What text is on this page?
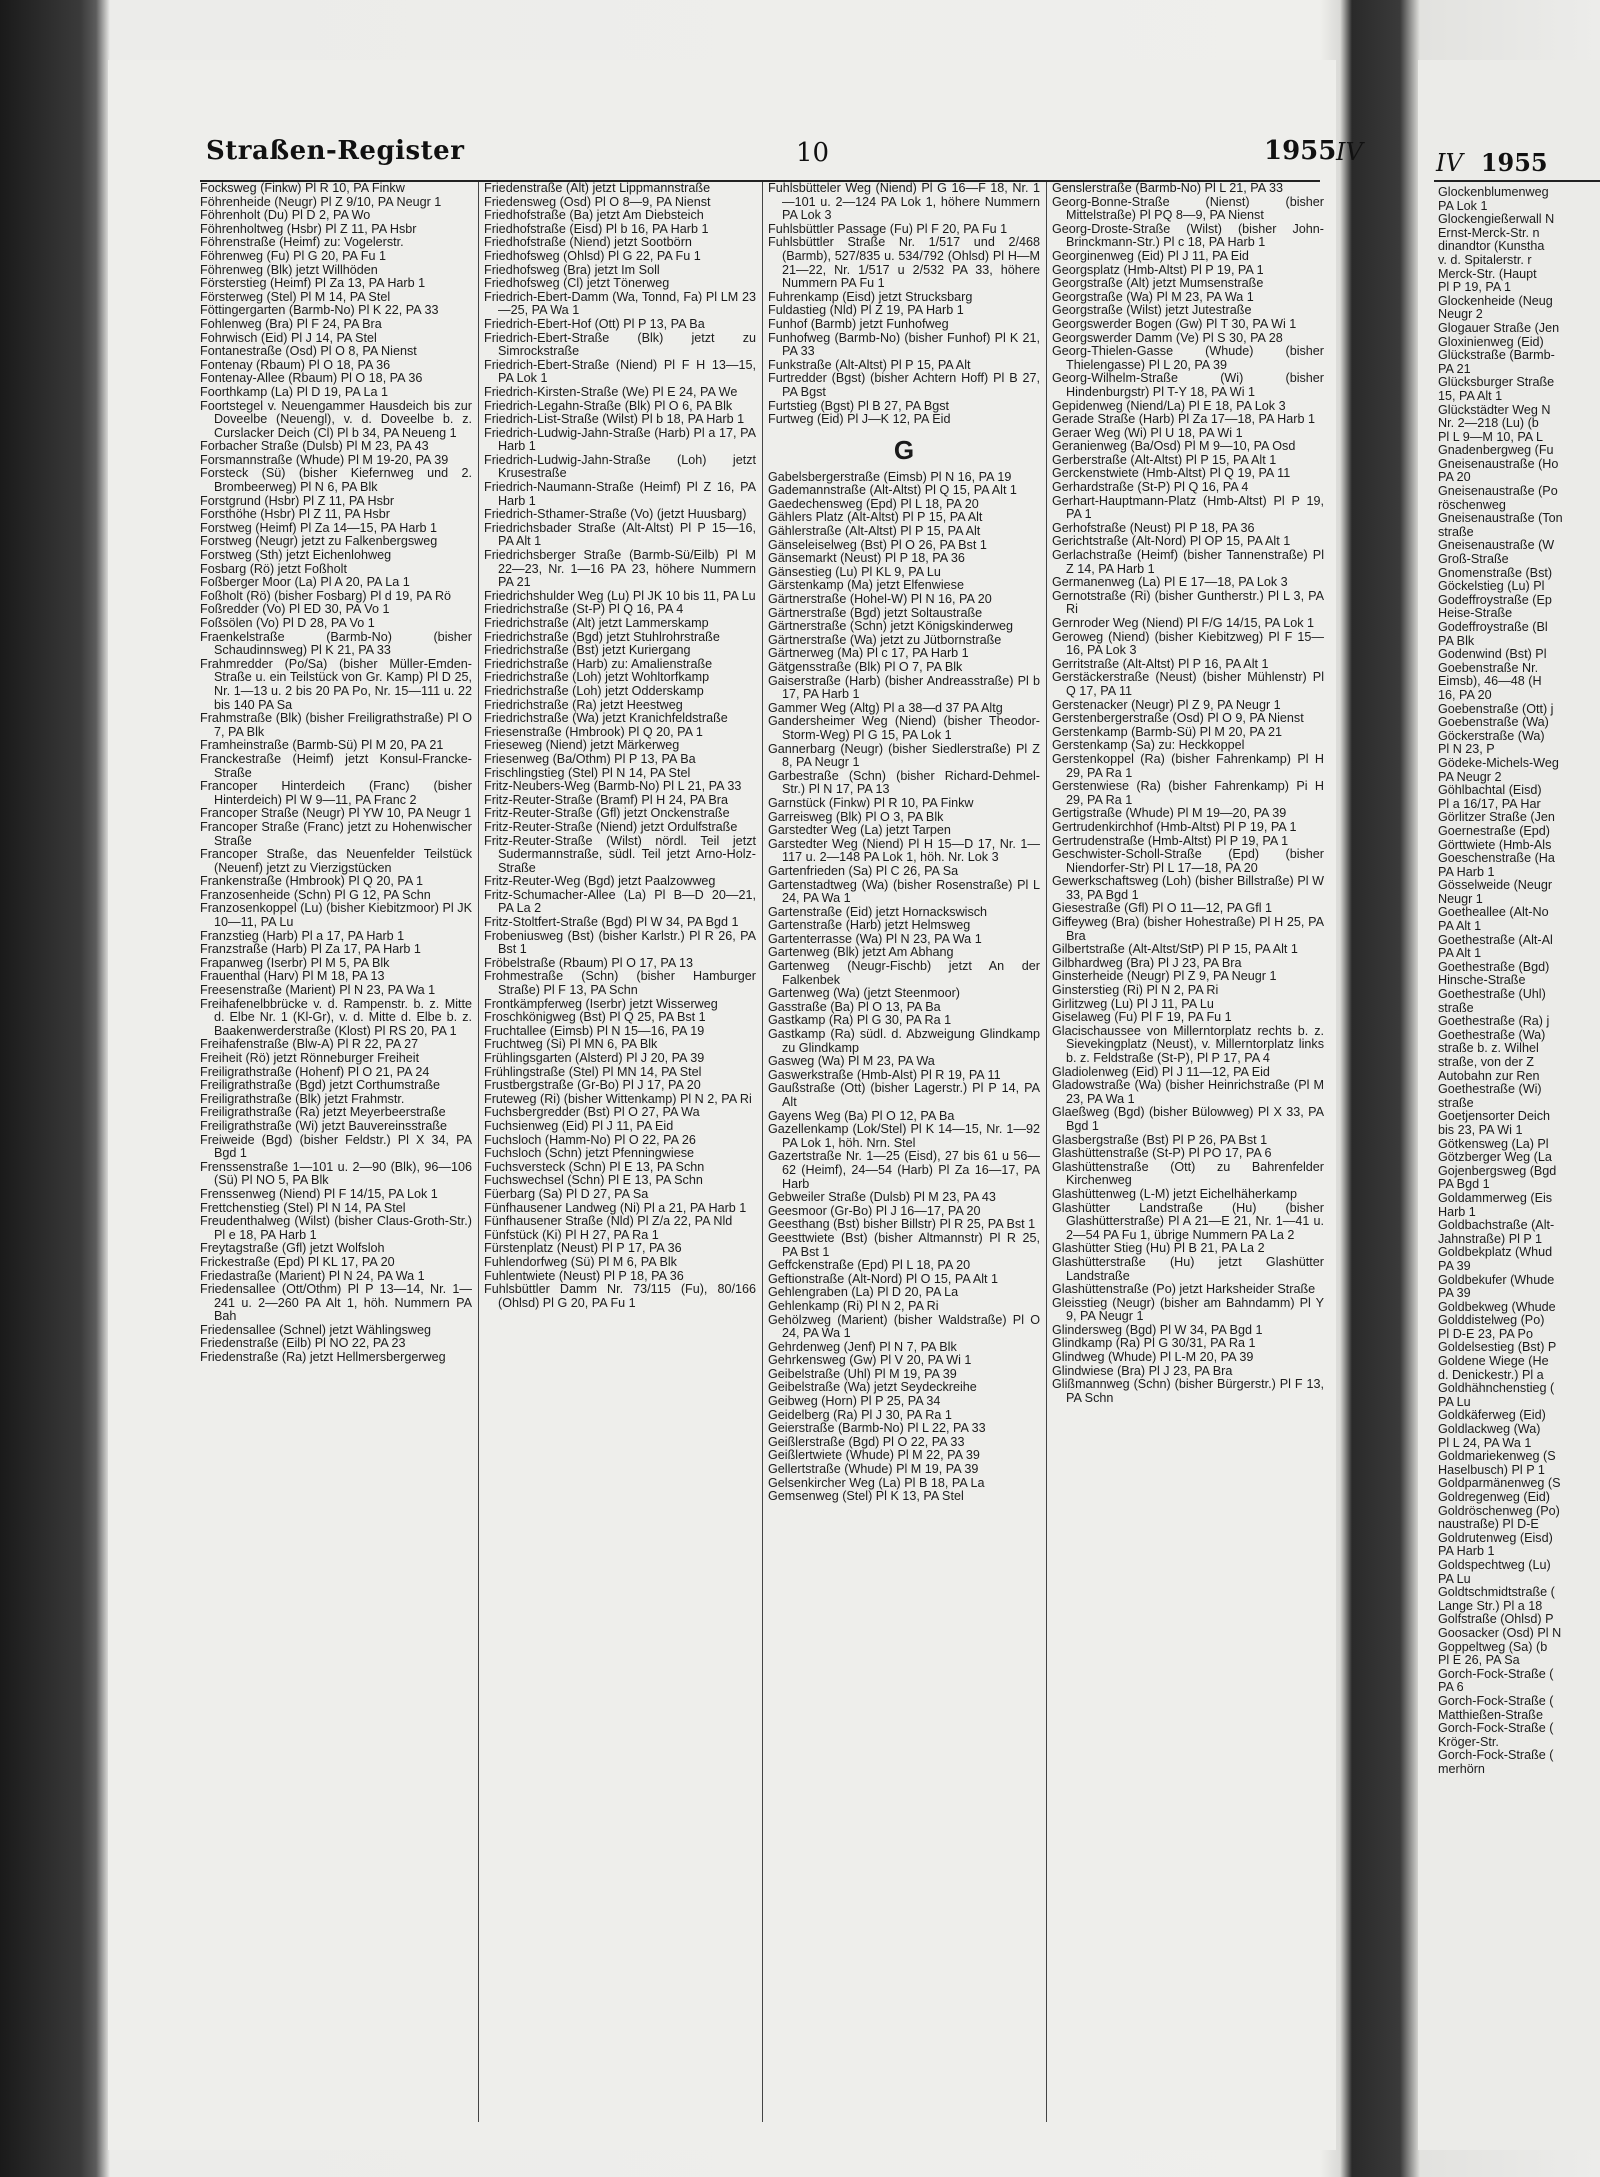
Straßen-Register	10	1955 IV
Focksweg (Finkw) Pl R 10, PA Finkw
Föhrenheide (Neugr) Pl Z 9/10, PA Neugr 1
Föhrenholt (Du) Pl D 2, PA Wo
Föhrenholtweg (Hsbr) Pl Z 11, PA Hsbr
Föhrenstraße (Heimf) zu: Vogelerstr.
Föhrenweg (Fu) Pl G 20, PA Fu 1
Föhrenweg (Blk) jetzt Willhöden
Försterstieg (Heimf) Pl Za 13, PA Harb 1
Försterweg (Stel) Pl M 14, PA Stel
Föttingergarten (Barmb-No) Pl K 22, PA 33
Fohlenweg (Bra) Pl F 24, PA Bra
Fohrwisch (Eid) Pl J 14, PA Stel
Fontanestraße (Osd) Pl O 8, PA Nienst
Fontenay (Rbaum) Pl O 18, PA 36
Fontenay-Allee (Rbaum) Pl O 18, PA 36
Foorthkamp (La) Pl D 19, PA La 1
Foortstegel v. Neuengammer Hausdeich bis zur Doveelbe (Neuengl), v. d. Doveelbe b. z. Curslacker Deich (Cl) Pl b 34, PA Neueng 1
Forbacher Straße (Dulsb) Pl M 23, PA 43
Forsmannstraße (Whude) Pl M 19-20, PA 39
Forsteck (Sü) (bisher Kiefernweg und 2. Brombeerweg) Pl N 6, PA Blk
Forstgrund (Hsbr) Pl Z 11, PA Hsbr
Forsthöhe (Hsbr) Pl Z 11, PA Hsbr
Forstweg (Heimf) Pl Za 14—15, PA Harb 1
Forstweg (Neugr) jetzt zu Falkenbergsweg
Forstweg (Sth) jetzt Eichenlohweg
Fosbarg (Rö) jetzt Foßholt
Foßberger Moor (La) Pl A 20, PA La 1
Foßholt (Rö) (bisher Fosbarg) Pl d 19, PA Rö
Foßredder (Vo) Pl ED 30, PA Vo 1
Foßsölen (Vo) Pl D 28, PA Vo 1
Fraenkelstraße (Barmb-No) (bisher Schaudinnsweg) Pl K 21, PA 33
Frahmredder (Po/Sa) (bisher Müller-Emden-Straße u. ein Teilstück von Gr. Kamp) Pl D 25, Nr. 1—13 u. 2 bis 20 PA Po, Nr. 15—111 u. 22 bis 140 PA Sa
Frahmstraße (Blk) (bisher Freiligrathstraße) Pl O 7, PA Blk
Framheinstraße (Barmb-Sü) Pl M 20, PA 21
Franckestraße (Heimf) jetzt Konsul-Francke-Straße
Francoper Hinterdeich (Franc) (bisher Hinterdeich) Pl W 9—11, PA Franc 2
Francoper Straße (Neugr) Pl YW 10, PA Neugr 1
Francoper Straße (Franc) jetzt zu Hohenwischer Straße
Francoper Straße, das Neuenfelder Teilstück (Neuenf) jetzt zu Vierzigstücken
Frankenstraße (Hmbrook) Pl Q 20, PA 1
Franzosenheide (Schn) Pl G 12, PA Schn
Franzosenkoppel (Lu) (bisher Kiebitzmoor) Pl JK 10—11, PA Lu
Franzstieg (Harb) Pl a 17, PA Harb 1
Franzstraße (Harb) Pl Za 17, PA Harb 1
Frapanweg (Iserbr) Pl M 5, PA Blk
Frauenthal (Harv) Pl M 18, PA 13
Freesenstraße (Marient) Pl N 23, PA Wa 1
Freihafenelbbrücke v. d. Rampenstr. b. z. Mitte d. Elbe Nr. 1 (Kl-Gr), v. d. Mitte d. Elbe b. z. Baakenwerderstraße (Klost) Pl RS 20, PA 1
Freihafenstraße (Blw-A) Pl R 22, PA 27
Freiheit (Rö) jetzt Rönneburger Freiheit
Freiligrathstraße (Hohenf) Pl O 21, PA 24
Freiligrathstraße (Bgd) jetzt Corthumstraße
Freiligrathstraße (Blk) jetzt Frahmstr.
Freiligrathstraße (Ra) jetzt Meyerbeerstraße
Freiligrathstraße (Wi) jetzt Bauvereinsstraße
Freiweide (Bgd) (bisher Feldstr.) Pl X 34, PA Bgd 1
Frenssenstraße 1—101 u. 2—90 (Blk), 96—106 (Sü) Pl NO 5, PA Blk
Frenssenweg (Niend) Pl F 14/15, PA Lok 1
Frettchenstieg (Stel) Pl N 14, PA Stel
Freudenthalweg (Wilst) (bisher Claus-Groth-Str.) Pl e 18, PA Harb 1
Freytagstraße (Gfl) jetzt Wolfsloh
Frickestraße (Epd) Pl KL 17, PA 20
Friedastraße (Marient) Pl N 24, PA Wa 1
Friedensallee (Ott/Othm) Pl P 13—14, Nr. 1—241 u. 2—260 PA Alt 1, höh. Nummern PA Bah
Friedensallee (Schnel) jetzt Wählingsweg
Friedenstraße (Eilb) Pl NO 22, PA 23
Friedenstraße (Ra) jetzt Hellmersbergerweg
Friedenstraße (Alt) jetzt Lippmannstraße
Friedensweg (Osd) Pl O 8—9, PA Nienst
Friedhofstraße (Ba) jetzt Am Diebsteich
Friedhofstraße (Eisd) Pl b 16, PA Harb 1
Friedhofstraße (Niend) jetzt Sootbörn
Friedhofsweg (Ohlsd) Pl G 22, PA Fu 1
Friedhofsweg (Bra) jetzt Im Soll
Friedhofsweg (Cl) jetzt Tönerweg
Friedrich-Ebert-Damm (Wa, Tonnd, Fa) Pl LM 23—25, PA Wa 1
Friedrich-Ebert-Hof (Ott) Pl P 13, PA Ba
Friedrich-Ebert-Straße (Blk) jetzt zu Simrockstraße
Friedrich-Ebert-Straße (Niend) Pl F H 13—15, PA Lok 1
Friedrich-Kirsten-Straße (We) Pl E 24, PA We
Friedrich-Legahn-Straße (Blk) Pl O 6, PA Blk
Friedrich-List-Straße (Wilst) Pl b 18, PA Harb 1
Friedrich-Ludwig-Jahn-Straße (Harb) Pl a 17, PA Harb 1
Friedrich-Ludwig-Jahn-Straße (Loh) jetzt Krusestraße
Friedrich-Naumann-Straße (Heimf) Pl Z 16, PA Harb 1
Friedrich-Sthamer-Straße (Vo) (jetzt Huusbarg)
Friedrichsbader Straße (Alt-Altst) Pl P 15—16, PA Alt 1
Friedrichsberger Straße (Barmb-Sü/Eilb) Pl M 22—23, Nr. 1—16 PA 23, höhere Nummern PA 21
Friedrichshulder Weg (Lu) Pl JK 10 bis 11, PA Lu
Friedrichstraße (St-P) Pl Q 16, PA 4
Friedrichstraße (Alt) jetzt Lammerskamp
Friedrichstraße (Bgd) jetzt Stuhlrohrstraße
Friedrichstraße (Bst) jetzt Kuriergang
Friedrichstraße (Harb) zu: Amalienstraße
Friedrichstraße (Loh) jetzt Wohltorfkamp
Friedrichstraße (Loh) jetzt Odderskamp
Friedrichstraße (Ra) jetzt Heestweg
Friedrichstraße (Wa) jetzt Kranichfeldstraße
Friesenstraße (Hmbrook) Pl Q 20, PA 1
Frieseweg (Niend) jetzt Märkerweg
Friesenweg (Ba/Othm) Pl P 13, PA Ba
Frischlingstieg (Stel) Pl N 14, PA Stel
Fritz-Neubers-Weg (Barmb-No) Pl L 21, PA 33
Fritz-Reuter-Straße (Bramf) Pl H 24, PA Bra
Fritz-Reuter-Straße (Gfl) jetzt Onckenstraße
Fritz-Reuter-Straße (Niend) jetzt Ordulfstraße
Fritz-Reuter-Straße (Wilst) nördl. Teil jetzt Sudermannstraße, südl. Teil jetzt Arno-Holz-Straße
Fritz-Reuter-Weg (Bgd) jetzt Paalzowweg
Fritz-Schumacher-Allee (La) Pl B—D 20—21, PA La 2
Fritz-Stoltfert-Straße (Bgd) Pl W 34, PA Bgd 1
Frobeniusweg (Bst) (bisher Karlstr.) Pl R 26, PA Bst 1
Fröbelstraße (Rbaum) Pl O 17, PA 13
Frohmestraße (Schn) (bisher Hamburger Straße) Pl F 13, PA Schn
Frontkämpferweg (Iserbr) jetzt Wisserweg
Froschkönigweg (Bst) Pl Q 25, PA Bst 1
Fruchtallee (Eimsb) Pl N 15—16, PA 19
Fruchtweg (Si) Pl MN 6, PA Blk
Frühlingsgarten (Alsterd) Pl J 20, PA 39
Frühlingstraße (Stel) Pl MN 14, PA Stel
Frustbergstraße (Gr-Bo) Pl J 17, PA 20
Fruteweg (Ri) (bisher Wittenkamp) Pl N 2, PA Ri
Fuchsbergredder (Bst) Pl O 27, PA Wa
Fuchsienweg (Eid) Pl J 11, PA Eid
Fuchsloch (Hamm-No) Pl O 22, PA 26
Fuchsloch (Schn) jetzt Pfenningwiese
Fuchsversteck (Schn) Pl E 13, PA Schn
Fuchswechsel (Schn) Pl E 13, PA Schn
Füerbarg (Sa) Pl D 27, PA Sa
Fünfhausener Landweg (Ni) Pl a 21, PA Harb 1
Fünfhausener Straße (Nld) Pl Z/a 22, PA Nld
Fünfstück (Ki) Pl H 27, PA Ra 1
Fürstenplatz (Neust) Pl P 17, PA 36
Fuhlendorfweg (Sü) Pl M 6, PA Blk
Fuhlentwiete (Neust) Pl P 18, PA 36
Fuhlsbüttler Damm Nr. 73/115 (Fu), 80/166 (Ohlsd) Pl G 20, PA Fu 1
Fuhlsbütteler Weg (Niend) Pl G 16—F 18, Nr. 1—101 u. 2—124 PA Lok 1, höhere Nummern PA Lok 3
Fuhlsbüttler Passage (Fu) Pl F 20, PA Fu 1
Fuhlsbüttler Straße Nr. 1/517 und 2/468 (Barmb), 527/835 u. 534/792 (Ohlsd) Pl H—M 21—22, Nr. 1/517 u 2/532 PA 33, höhere Nummern PA Fu 1
Fuhrenkamp (Eisd) jetzt Strucksbarg
Fuldastieg (Nld) Pl Z 19, PA Harb 1
Funhof (Barmb) jetzt Funhofweg
Funhofweg (Barmb-No) (bisher Funhof) Pl K 21, PA 33
Funkstraße (Alt-Altst) Pl P 15, PA Alt
Furtredder (Bgst) (bisher Achtern Hoff) Pl B 27, PA Bgst
Furtstieg (Bgst) Pl B 27, PA Bgst
Furtweg (Eid) Pl J—K 12, PA Eid
G
Gabelsbergerstraße (Eimsb) Pl N 16, PA 19
Gademannstraße (Alt-Altst) Pl Q 15, PA Alt 1
Gaedechensweg (Epd) Pl L 18, PA 20
Gählers Platz (Alt-Altst) Pl P 15, PA Alt
Gählerstraße (Alt-Altst) Pl P 15, PA Alt
Gänseleiselweg (Bst) Pl O 26, PA Bst 1
Gänsemarkt (Neust) Pl P 18, PA 36
Gänsestieg (Lu) Pl KL 9, PA Lu
Gärstenkamp (Ma) jetzt Elfenwiese
Gärtnerstraße (Hohel-W) Pl N 16, PA 20
Gärtnerstraße (Bgd) jetzt Soltaustraße
Gärtnerstraße (Schn) jetzt Königskinderweg
Gärtnerstraße (Wa) jetzt zu Jütbornstraße
Gärtnerweg (Ma) Pl c 17, PA Harb 1
Gätgensstraße (Blk) Pl O 7, PA Blk
Gaiserstraße (Harb) (bisher Andreasstraße) Pl b 17, PA Harb 1
Gammer Weg (Altg) Pl a 38—d 37 PA Altg
Gandersheimer Weg (Niend) (bisher Theodor-Storm-Weg) Pl G 15, PA Lok 1
Gannerbarg (Neugr) (bisher Siedlerstraße) Pl Z 8, PA Neugr 1
Garbestraße (Schn) (bisher Richard-Dehmel-Str.) Pl N 17, PA 13
Garnstück (Finkw) Pl R 10, PA Finkw
Garreisweg (Blk) Pl O 3, PA Blk
Garstedter Weg (La) jetzt Tarpen
Garstedter Weg (Niend) Pl H 15—D 17, Nr. 1—117 u. 2—148 PA Lok 1, höh. Nr. Lok 3
Gartenfrieden (Sa) Pl C 26, PA Sa
Gartenstadtweg (Wa) (bisher Rosenstraße) Pl L 24, PA Wa 1
Gartenstraße (Eid) jetzt Hornackswisch
Gartenstraße (Harb) jetzt Helmsweg
Gartenterrasse (Wa) Pl N 23, PA Wa 1
Gartenweg (Blk) jetzt Am Abhang
Gartenweg (Neugr-Fischb) jetzt An der Falkenbek
Gartenweg (Wa) (jetzt Steenmoor)
Gasstraße (Ba) Pl O 13, PA Ba
Gastkamp (Ra) Pl G 30, PA Ra 1
Gastkamp (Ra) südl. d. Abzweigung Glindkamp zu Glindkamp
Gasweg (Wa) Pl M 23, PA Wa
Gaswerkstraße (Hmb-Alst) Pl R 19, PA 11
Gaußstraße (Ott) (bisher Lagerstr.) Pl P 14, PA Alt
Gayens Weg (Ba) Pl O 12, PA Ba
Gazellenkamp (Lok/Stel) Pl K 14—15, Nr. 1—92 PA Lok 1, höh. Nrn. Stel
Gazertstraße Nr. 1—25 (Eisd), 27 bis 61 u 56—62 (Heimf), 24—54 (Harb) Pl Za 16—17, PA Harb
Gebweiler Straße (Dulsb) Pl M 23, PA 43
Geesmoor (Gr-Bo) Pl J 16—17, PA 20
Geesthang (Bst) bisher Billstr) Pl R 25, PA Bst 1
Geesttwiete (Bst) (bisher Altmannstr) Pl R 25, PA Bst 1
Geffckenstraße (Epd) Pl L 18, PA 20
Geftionstraße (Alt-Nord) Pl O 15, PA Alt 1
Gehlengraben (La) Pl D 20, PA La
Gehlenkamp (Ri) Pl N 2, PA Ri
Gehölzweg (Marient) (bisher Waldstraße) Pl O 24, PA Wa 1
Gehrdenweg (Jenf) Pl N 7, PA Blk
Gehrkensweg (Gw) Pl V 20, PA Wi 1
Geibelstraße (Uhl) Pl M 19, PA 39
Geibelstraße (Wa) jetzt Seydeckreihe
Geibweg (Horn) Pl P 25, PA 34
Geidelberg (Ra) Pl J 30, PA Ra 1
Geierstraße (Barmb-No) Pl L 22, PA 33
Geißlerstraße (Bgd) Pl O 22, PA 33
Geißlertwiete (Whude) Pl M 22, PA 39
Gellertstraße (Whude) Pl M 19, PA 39
Gelsenkircher Weg (La) Pl B 18, PA La
Gemsenweg (Stel) Pl K 13, PA Stel
Genslerstraße (Barmb-No) Pl L 21, PA 33
Georg-Bonne-Straße (Nienst) (bisher Mittelstraße) Pl PQ 8—9, PA Nienst
Georg-Droste-Straße (Wilst) (bisher John-Brinckmann-Str.) Pl c 18, PA Harb 1
Georginenweg (Eid) Pl J 11, PA Eid
Georgsplatz (Hmb-Altst) Pl P 19, PA 1
Georgstraße (Alt) jetzt Mumsenstraße
Georgstraße (Wa) Pl M 23, PA Wa 1
Georgstraße (Wilst) jetzt Jutestraße
Georgswerder Bogen (Gw) Pl T 30, PA Wi 1
Georgswerder Damm (Ve) Pl S 30, PA 28
Georg-Thielen-Gasse (Whude) (bisher Thielengasse) Pl L 20, PA 39
Georg-Wilhelm-Straße (Wi) (bisher Hindenburgstr) Pl T-Y 18, PA Wi 1
Gepidenweg (Niend/La) Pl E 18, PA Lok 3
Gerade Straße (Harb) Pl Za 17—18, PA Harb 1
Geraer Weg (Wi) Pl U 18, PA Wi 1
Geranienweg (Ba/Osd) Pl M 9—10, PA Osd
Gerberstraße (Alt-Altst) Pl P 15, PA Alt 1
Gerckenstwiete (Hmb-Altst) Pl Q 19, PA 11
Gerhardstraße (St-P) Pl Q 16, PA 4
Gerhart-Hauptmann-Platz (Hmb-Altst) Pl P 19, PA 1
Gerhofstraße (Neust) Pl P 18, PA 36
Gerichtstraße (Alt-Nord) Pl OP 15, PA Alt 1
Gerlachstraße (Heimf) (bisher Tannenstraße) Pl Z 14, PA Harb 1
Germanenweg (La) Pl E 17—18, PA Lok 3
Gernotstraße (Ri) (bisher Guntherstr.) Pl L 3, PA Ri
Gernroder Weg (Niend) Pl F/G 14/15, PA Lok 1
Geroweg (Niend) (bisher Kiebitzweg) Pl F 15—16, PA Lok 3
Gerritstraße (Alt-Altst) Pl P 16, PA Alt 1
Gerstäckerstraße (Neust) (bisher Mühlenstr) Pl Q 17, PA 11
Gerstenacker (Neugr) Pl Z 9, PA Neugr 1
Gerstenbergerstraße (Osd) Pl O 9, PA Nienst
Gerstenkamp (Barmb-Sü) Pl M 20, PA 21
Gerstenkamp (Sa) zu: Heckkoppel
Gerstenkoppel (Ra) (bisher Fahrenkamp) Pl H 29, PA Ra 1
Gerstenwiese (Ra) (bisher Fahrenkamp) Pi H 29, PA Ra 1
Gertigstraße (Whude) Pl M 19—20, PA 39
Gertrudenkirchhof (Hmb-Altst) Pl P 19, PA 1
Gertrudenstraße (Hmb-Altst) Pl P 19, PA 1
Geschwister-Scholl-Straße (Epd) (bisher Niendorfer-Str) Pl L 17—18, PA 20
Gewerkschaftsweg (Loh) (bisher Billstraße) Pl W 33, PA Bgd 1
Giesestraße (Gfl) Pl O 11—12, PA Gfl 1
Giffeyweg (Bra) (bisher Hohestraße) Pl H 25, PA Bra
Gilbertstraße (Alt-Altst/StP) Pl P 15, PA Alt 1
Gilbhardweg (Bra) Pl J 23, PA Bra
Ginsterheide (Neugr) Pl Z 9, PA Neugr 1
Ginsterstieg (Ri) Pl N 2, PA Ri
Girlitzweg (Lu) Pl J 11, PA Lu
Giselaweg (Fu) Pl F 19, PA Fu 1
Glacischaussee von Millerntorplatz rechts b. z. Sievekingplatz (Neust), v. Millerntorplatz links b. z. Feldstraße (St-P), Pl P 17, PA 4
Gladiolenweg (Eid) Pl J 11—12, PA Eid
Gladowstraße (Wa) (bisher Heinrichstraße (Pl M 23, PA Wa 1
Glaeßweg (Bgd) (bisher Bülowweg) Pl X 33, PA Bgd 1
Glasbergstraße (Bst) Pl P 26, PA Bst 1
Glashüttenstraße (St-P) Pl PO 17, PA 6
Glashüttenstraße (Ott) zu Bahrenfelder Kirchenweg
Glashüttenweg (L-M) jetzt Eichelhäherkamp
Glashütter Landstraße (Hu) (bisher Glashütterstraße) Pl A 21—E 21, Nr. 1—41 u. 2—54 PA Fu 1, übrige Nummern PA La 2
Glashütter Stieg (Hu) Pl B 21, PA La 2
Glashütterstraße (Hu) jetzt Glashütter Landstraße
Glashüttenstraße (Po) jetzt Harksheider Straße
Gleisstieg (Neugr) (bisher am Bahndamm) Pl Y 9, PA Neugr 1
Glindersweg (Bgd) Pl W 34, PA Bgd 1
Glindkamp (Ra) Pl G 30/31, PA Ra 1
Glindweg (Whude) Pl L-M 20, PA 39
Glindwiese (Bra) Pl J 23, PA Bra
Glißmannweg (Schn) (bisher Bürgerstr.) Pl F 13, PA Schn
IV 1955
Glockenblumenweg
PA Lok 1
Glockengießerwall N
Ernst-Merck-Str. n
dinandtor (Kunstha
v. d. Spitalerstr. r
Merck-Str. (Haupt
Pl P 19, PA 1
Glockenheide (Neug
Neugr 2
Glogauer Straße (Jen
Gloxinienweg (Eid)
Glückstraße (Barmb-
PA 21
Glücksburger Straße
15, PA Alt 1
Glückstädter Weg N
Nr. 2—218 (Lu) (b
Pl L 9—M 10, PA L
Gnadenbergweg (Fu
Gneisenaustraße (Ho
PA 20
Gneisenaustraße (Po
röschenweg
Gneisenaustraße (Ton
straße
Gneisenaustraße (W
Groß-Straße
Gnomenstraße (Bst)
Göckelstieg (Lu) Pl
Godeffroystraße (Ep
Heise-Straße
Godeffroystraße (Bl
PA Blk
Godenwind (Bst) Pl
Goebenstraße Nr.
Eimsb), 46—48 (H
16, PA 20
Goebenstraße (Ott) j
Goebenstraße (Wa)
Göckerstraße (Wa)
Pl N 23, P
Gödeke-Michels-Weg
PA Neugr 2
Göhlbachtal (Eisd)
Pl a 16/17, PA Har
Görlitzer Straße (Jen
Goernestraße (Epd)
Görttwiete (Hmb-Als
Goeschenstraße (Ha
PA Harb 1
Gösselweide (Neugr
Neugr 1
Goetheallee (Alt-No
PA Alt 1
Goethestraße (Alt-Al
PA Alt 1
Goethestraße (Bgd)
Hinsche-Straße
Goethestraße (Uhl)
straße
Goethestraße (Ra) j
Goethestraße (Wa)
straße b. z. Wilhel
straße, von der Z
Autobahn zur Ren
Goethestraße (Wi)
straße
Goetjensorter Deich
bis 23, PA Wi 1
Götkensweg (La) Pl
Götzberger Weg (La
Gojenbergsweg (Bgd
PA Bgd 1
Goldammerweg (Eis
Harb 1
Goldbachstraße (Alt-
Jahnstraße) Pl P 1
Goldbekplatz (Whud
PA 39
Goldbekufer (Whude
PA 39
Goldbekweg (Whude
Golddistelweg (Po)
Pl D-E 23, PA Po
Goldelsestieg (Bst) P
Goldene Wiege (He
d. Denickestr.) Pl a
Goldhähnchenstieg (
PA Lu
Goldkäferweg (Eid)
Goldlackweg (Wa)
Pl L 24, PA Wa 1
Goldmariekenweg (S
Haselbusch) Pl P 1
Goldparmänenweg (S
Goldregenweg (Eid)
Goldröschenweg (Po)
naustraße) Pl D-E
Goldrutenweg (Eisd)
PA Harb 1
Goldspechtweg (Lu)
PA Lu
Goldtschmidtstraße (
Lange Str.) Pl a 18
Golfstraße (Ohlsd) P
Goosacker (Osd) Pl N
Goppeltweg (Sa) (b
Pl E 26, PA Sa
Gorch-Fock-Straße (
PA 6
Gorch-Fock-Straße (
Matthießen-Straße
Gorch-Fock-Straße (
Kröger-Str.
Gorch-Fock-Straße (
merhörn
